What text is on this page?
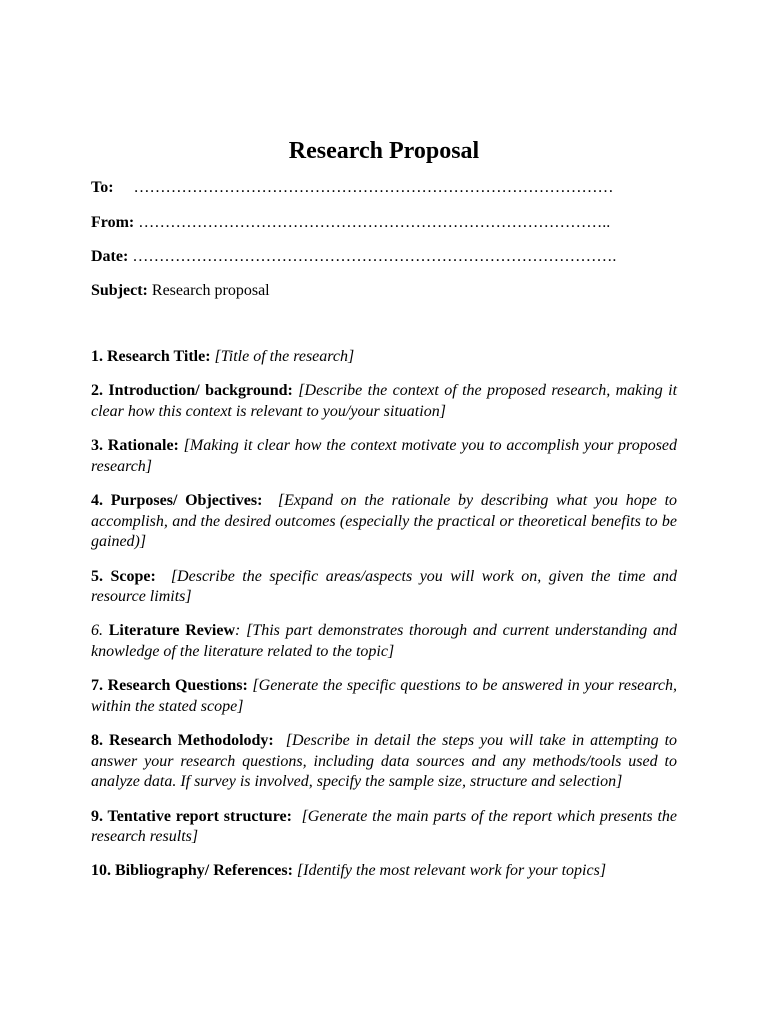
Research Proposal
To: ………………………………………………………………………………
From: ……………………………………………………………………………..
Date: ……………………………………………………………………………….
Subject: Research proposal

1. Research Title: [Title of the research]

2. Introduction/ background: [Describe the context of the proposed research, making it clear how this context is relevant to you/your situation]

3. Rationale: [Making it clear how the context motivate you to accomplish your proposed research]

4. Purposes/ Objectives: [Expand on the rationale by describing what you hope to accomplish, and the desired outcomes (especially the practical or theoretical benefits to be gained)]

5. Scope: [Describe the specific areas/aspects you will work on, given the time and resource limits]

6. Literature Review: [This part demonstrates thorough and current understanding and knowledge of the literature related to the topic]

7. Research Questions: [Generate the specific questions to be answered in your research, within the stated scope]

8. Research Methodolody: [Describe in detail the steps you will take in attempting to answer your research questions, including data sources and any methods/tools used to analyze data. If survey is involved, specify the sample size, structure and selection]

9. Tentative report structure: [Generate the main parts of the report which presents the research results]

10. Bibliography/ References: [Identify the most relevant work for your topics]
